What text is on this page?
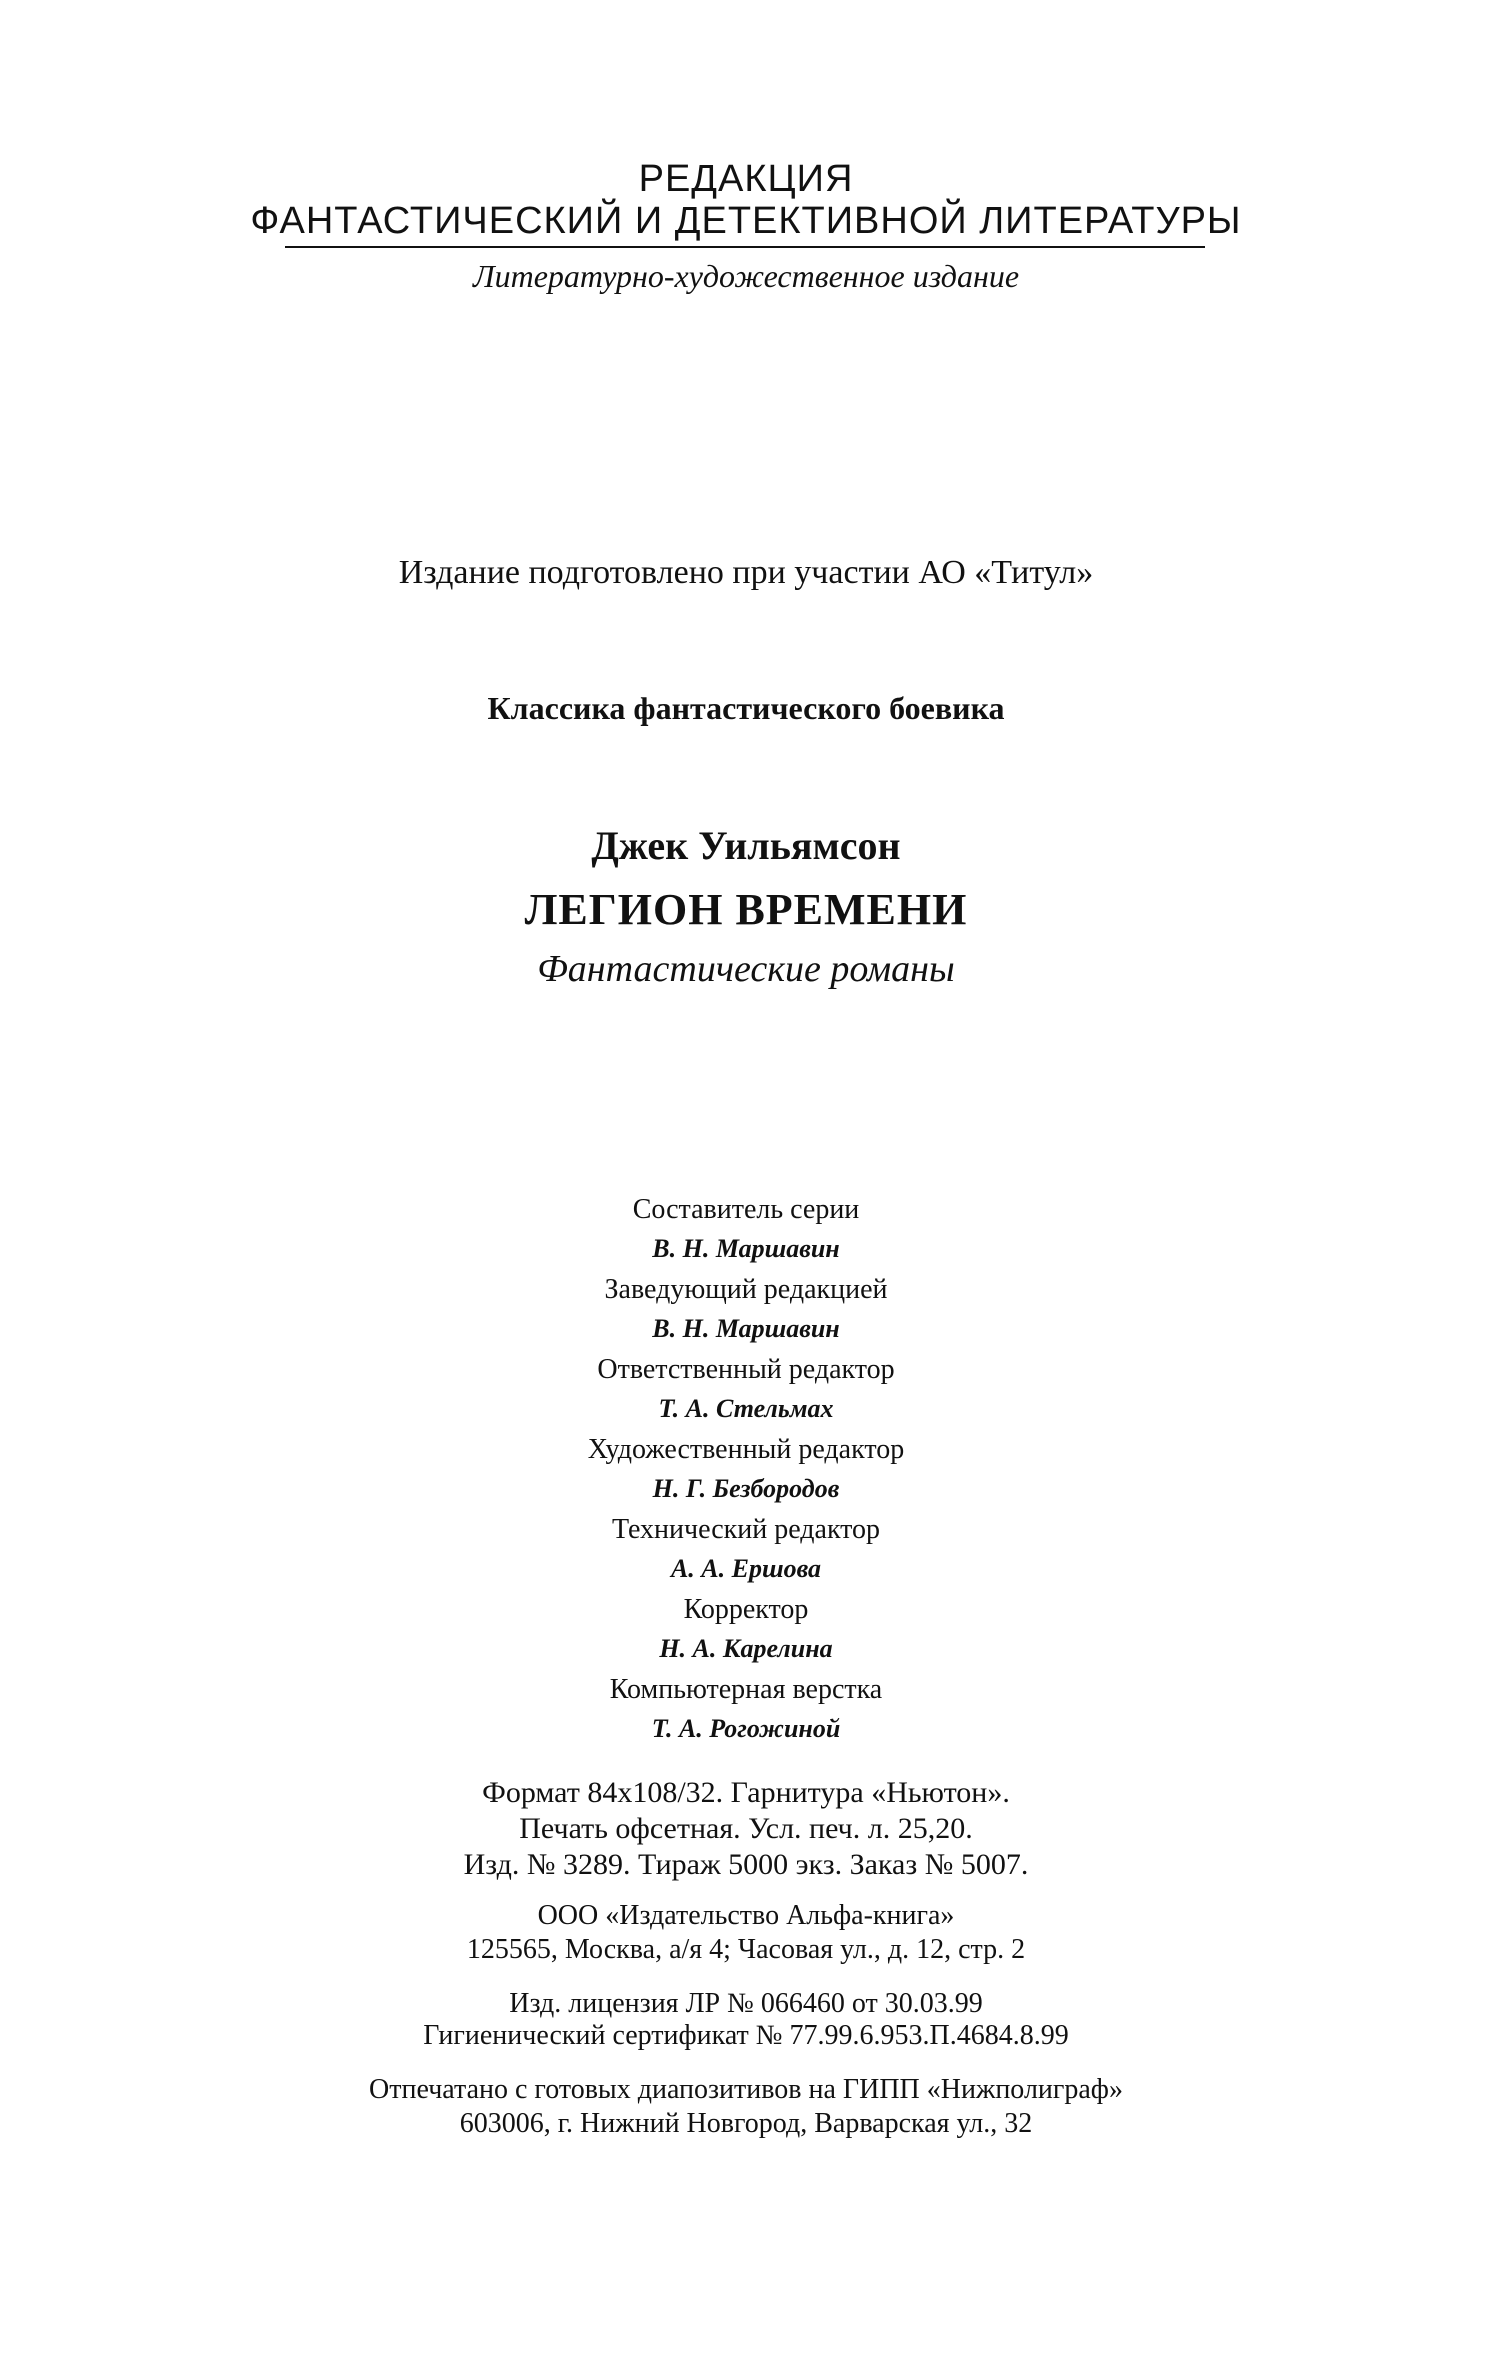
РЕДАКЦИЯ
ФАНТАСТИЧЕСКИЙ И ДЕТЕКТИВНОЙ ЛИТЕРАТУРЫ
Литературно-художественное издание
Издание подготовлено при участии АО «Титул»
Классика фантастического боевика
Джек Уильямсон
ЛЕГИОН ВРЕМЕНИ
Фантастические романы
Составитель серии
В. Н. Маршавин
Заведующий редакцией
В. Н. Маршавин
Ответственный редактор
Т. А. Стельмах
Художественный редактор
Н. Г. Безбородов
Технический редактор
А. А. Ершова
Корректор
Н. А. Карелина
Компьютерная верстка
Т. А. Рогожиной
Формат 84x108/32. Гарнитура «Ньютон».
Печать офсетная. Усл. печ. л. 25,20.
Изд. № 3289. Тираж 5000 экз. Заказ № 5007.
ООО «Издательство Альфа-книга»
125565, Москва, а/я 4; Часовая ул., д. 12, стр. 2
Изд. лицензия ЛР № 066460 от 30.03.99
Гигиенический сертификат № 77.99.6.953.П.4684.8.99
Отпечатано с готовых диапозитивов на ГИПП «Нижполиграф»
603006, г. Нижний Новгород, Варварская ул., 32
